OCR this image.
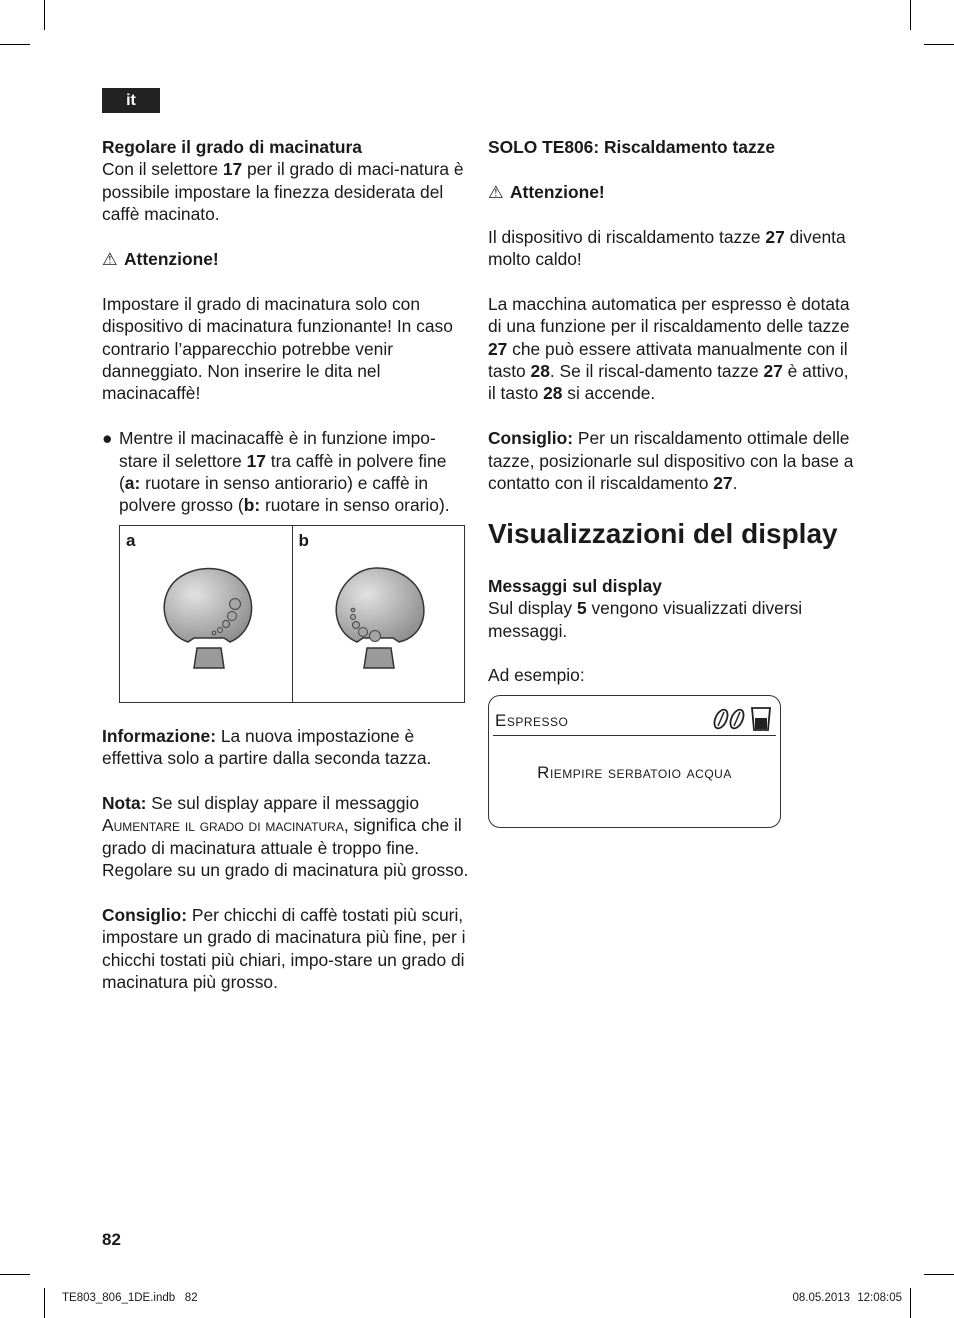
it

Regolare il grado di macinatura

Con il selettore 17 per il grado di maci-natura è possibile impostare la finezza desiderata del caffè macinato.

⚠ Attenzione!

Impostare il grado di macinatura solo con dispositivo di macinatura funzionante! In caso contrario l’apparecchio potrebbe venir danneggiato. Non inserire le dita nel macinacaffè!

● Mentre il macinacaffè è in funzione impo-stare il selettore 17 tra caffè in polvere fine (a: ruotare in senso antiorario) e caffè in polvere grosso (b: ruotare in senso orario).
a	b

Informazione: La nuova impostazione è effettiva solo a partire dalla seconda tazza.

Nota: Se sul display appare il messaggio Aumentare il grado di macinatura, significa che il grado di macinatura attuale è troppo fine. Regolare su un grado di macinatura più grosso.

Consiglio: Per chicchi di caffè tostati più scuri, impostare un grado di macinatura più fine, per i chicchi tostati più chiari, impo-stare un grado di macinatura più grosso.

SOLO TE806: Riscaldamento tazze

⚠ Attenzione!

Il dispositivo di riscaldamento tazze 27 diventa molto caldo!

La macchina automatica per espresso è dotata di una funzione per il riscaldamento delle tazze 27 che può essere attivata manualmente con il tasto 28. Se il riscal-damento tazze 27 è attivo, il tasto 28 si accende.

Consiglio: Per un riscaldamento ottimale delle tazze, posizionarle sul dispositivo con la base a contatto con il riscaldamento 27.

Visualizzazioni del display

Messaggi sul display

Sul display 5 vengono visualizzati diversi messaggi.

Ad esempio:

Espresso
Riempire serbatoio acqua
82
TE803_806_1DE.indb   82	08.05.2013 12:08:05
